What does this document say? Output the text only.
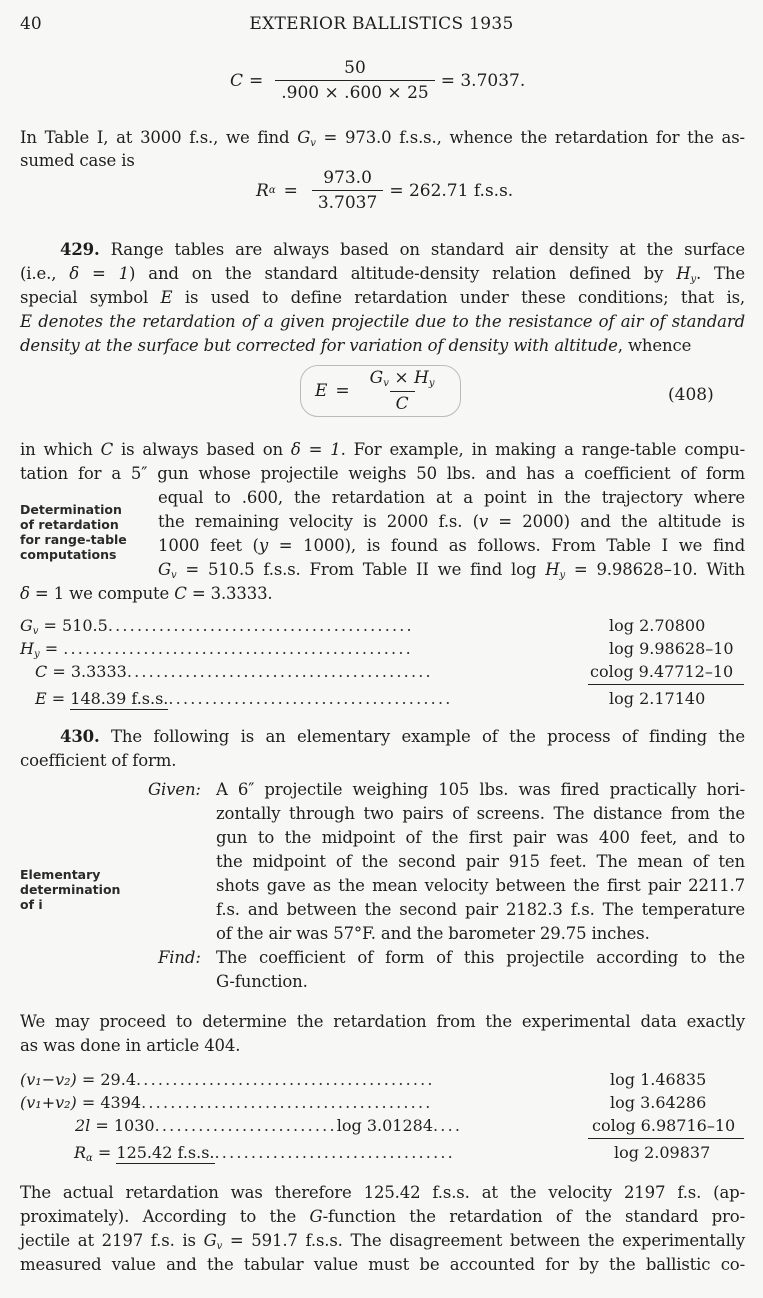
40	EXTERIOR BALLISTICS 1935
$C = \frac{50}{.900 \times .600 \times 25} = 3.7037$.
In Table I, at 3000 f.s., we find $G_v = 973.0$ f.s.s., whence the retardation for the as-
sumed case is
R $\alpha = \frac{973.0}{3.7037} = 262.71$ f.s.s.
429. Range tables are always based on standard air density at the surface
(i.e., δ = 1) and on the standard altitude-density relation defined by $H_y$. The
special symbol E is used to define retardation under these conditions; that is,
E denotes the retardation of a given projectile due to the resistance of air of standard
density at the surface but corrected for variation of density with altitude, whence
$E = \frac{G_v \times H_y}{C}$	(408)
in which C is always based on δ = 1. For example, in making a range-table compu-
tation for a 5″ gun whose projectile weighs 50 lbs. and has a coefficient of form
equal to .600, the retardation at a point in the trajectory where
the remaining velocity is 2000 f.s. (v = 2000) and the altitude is
1000 feet (y = 1000), is found as follows. From Table I we find
$G_v = 510.5$ f.s.s. From Table II we find $\log H_y = 9.98628-10$. With
δ = 1 we compute C = 3.3333.
Determination
of retardation
for range-table
computations
$G_v = 510.5$..........................................	log 2.70800
$H_y$ = ................................................	log 9.98628–10
C = 3.3333..........................................	colog 9.47712–10
E = 148.39 f.s.s........................................	log 2.17140
430. The following is an elementary example of the process of finding the
coefficient of form.
Given: A 6″ projectile weighing 105 lbs. was fired practically hori-
zontally through two pairs of screens. The distance from the
gun to the midpoint of the first pair was 400 feet, and to
the midpoint of the second pair 915 feet. The mean of ten
shots gave as the mean velocity between the first pair 2211.7
f.s. and between the second pair 2182.3 f.s. The temperature
of the air was 57°F. and the barometer 29.75 inches.
Find: The coefficient of form of this projectile according to the
G-function.
Elementary
determination
of i
We may proceed to determine the retardation from the experimental data exactly
as was done in article 404.
(v₁−v₂) = 29.4.........................................	log 1.46835
(v₁+v₂) = 4394........................................	log 3.64286
2l = 1030.........................log 3.01284....	colog 6.98716–10
$R_\alpha = 125.42$ f.s.s..................................	log 2.09837
The actual retardation was therefore 125.42 f.s.s. at the velocity 2197 f.s. (ap-
proximately). According to the G-function the retardation of the standard pro-
jectile at 2197 f.s. is $G_v = 591.7$ f.s.s. The disagreement between the experimentally
measured value and the tabular value must be accounted for by the ballistic co-
